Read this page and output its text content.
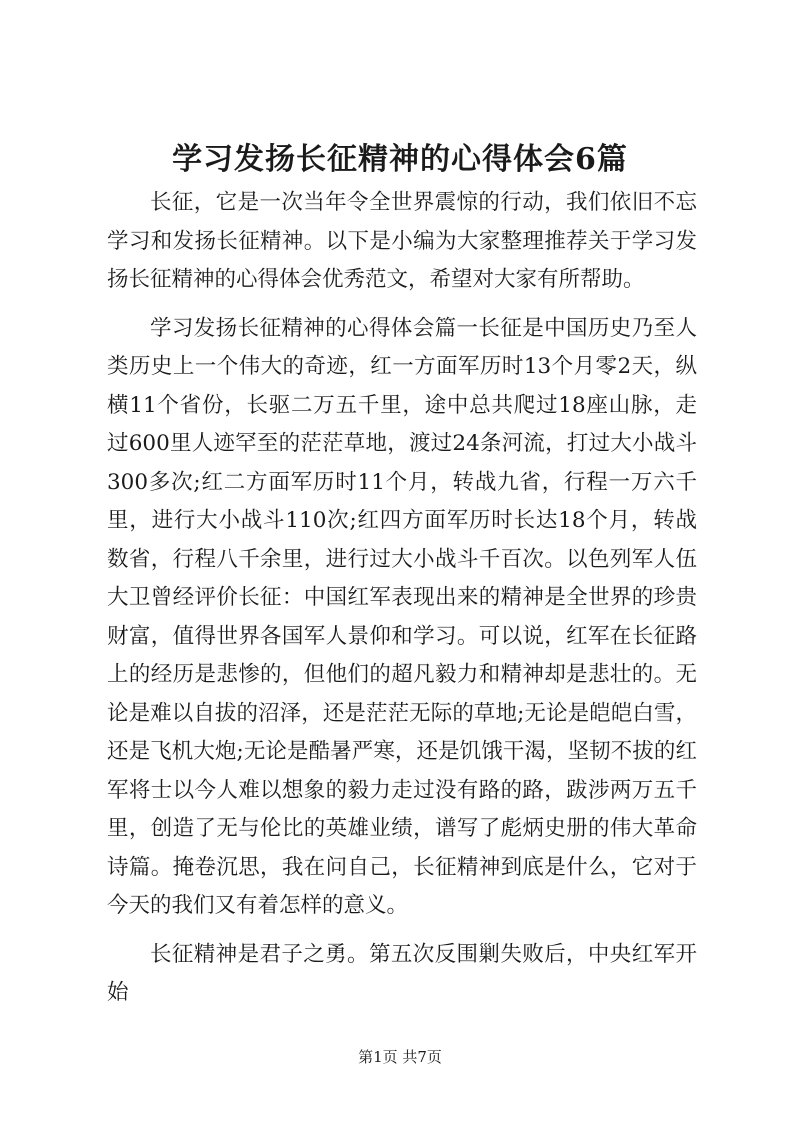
学习发扬长征精神的心得体会6篇

长征，它是一次当年令全世界震惊的行动，我们依旧不忘学习和发扬长征精神。以下是小编为大家整理推荐关于学习发扬长征精神的心得体会优秀范文，希望对大家有所帮助。

学习发扬长征精神的心得体会篇一长征是中国历史乃至人类历史上一个伟大的奇迹，红一方面军历时13个月零2天，纵横11个省份，长驱二万五千里，途中总共爬过18座山脉，走过600里人迹罕至的茫茫草地，渡过24条河流，打过大小战斗300多次;红二方面军历时11个月，转战九省，行程一万六千里，进行大小战斗110次;红四方面军历时长达18个月，转战数省，行程八千余里，进行过大小战斗千百次。以色列军人伍大卫曾经评价长征：中国红军表现出来的精神是全世界的珍贵财富，值得世界各国军人景仰和学习。可以说，红军在长征路上的经历是悲惨的，但他们的超凡毅力和精神却是悲壮的。无论是难以自拔的沼泽，还是茫茫无际的草地;无论是皑皑白雪，还是飞机大炮;无论是酷暑严寒，还是饥饿干渴，坚韧不拔的红军将士以今人难以想象的毅力走过没有路的路，跋涉两万五千里，创造了无与伦比的英雄业绩，谱写了彪炳史册的伟大革命诗篇。掩卷沉思，我在问自己，长征精神到底是什么，它对于今天的我们又有着怎样的意义。

长征精神是君子之勇。第五次反围剿失败后，中央红军开始

第1页 共7页
